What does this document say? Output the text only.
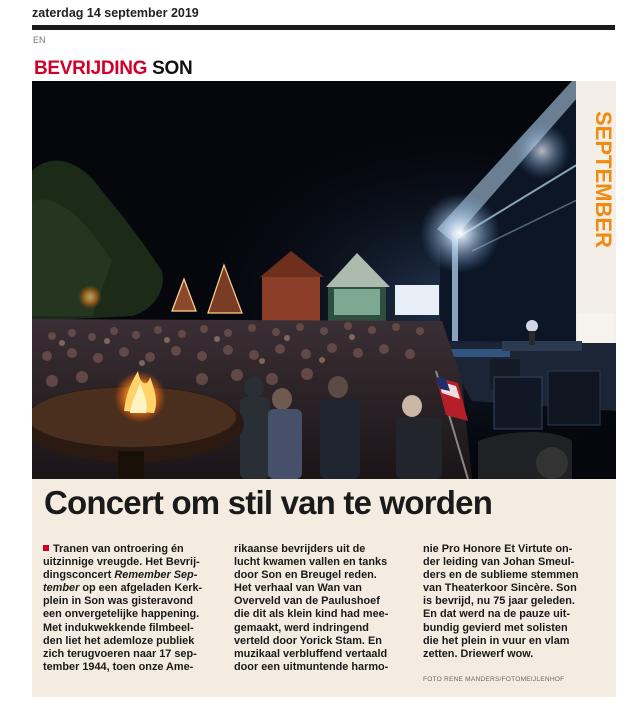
zaterdag 14 september 2019
EN
BEVRIJDING SON
SEPTEMBER
Concert om stil van te worden
Tranen van ontroering én
uitzinnige vreugde. Het Bevrij-
dingsconcert Remember Sep-
tember op een afgeladen Kerk-
plein in Son was gisteravond
een onvergetelijke happening.
Met indukwekkende filmbeel-
den liet het ademloze publiek
zich terugvoeren naar 17 sep-
tember 1944, toen onze Ame-
rikaanse bevrijders uit de
lucht kwamen vallen en tanks
door Son en Breugel reden.
Het verhaal van Wan van
Overveld van de Paulushoef
die dit als klein kind had mee-
gemaakt, werd indringend
verteld door Yorick Stam. En
muzikaal verbluffend vertaald
door een uitmuntende harmo-
nie Pro Honore Et Virtute on-
der leiding van Johan Smeul-
ders en de sublieme stemmen
van Theaterkoor Sincère. Son
is bevrijd, nu 75 jaar geleden.
En dat werd na de pauze uit-
bundig gevierd met solisten
die het plein in vuur en vlam
zetten. Driewerf wow.
FOTO RENE MANDERS/FOTOMEIJLENHOF
